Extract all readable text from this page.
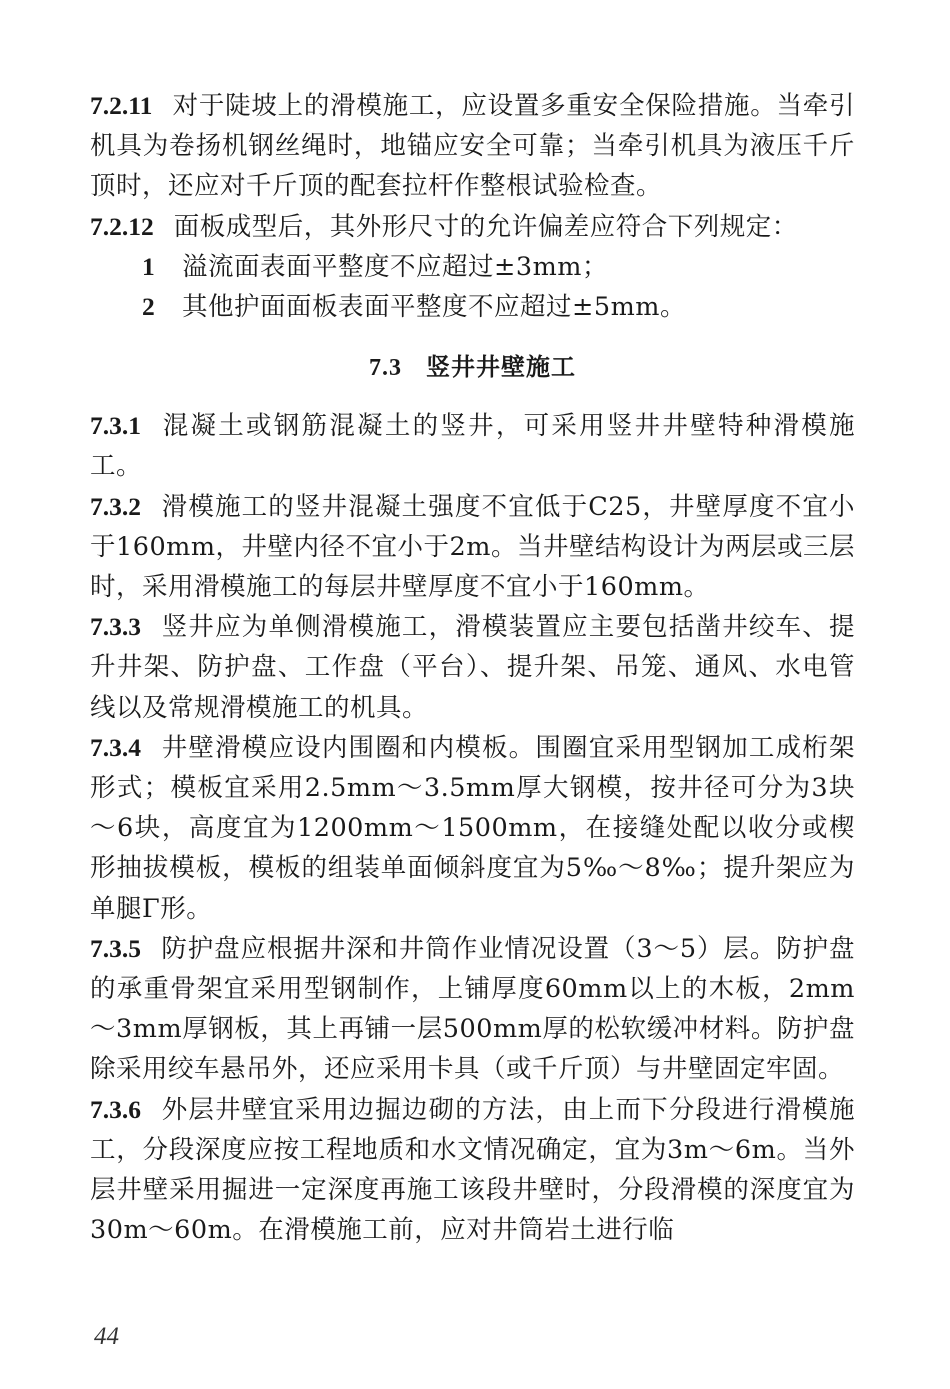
7.2.11 对于陡坡上的滑模施工，应设置多重安全保险措施。当牵引机具为卷扬机钢丝绳时，地锚应安全可靠；当牵引机具为液压千斤顶时，还应对千斤顶的配套拉杆作整根试验检查。

7.2.12 面板成型后，其外形尺寸的允许偏差应符合下列规定：

1 溢流面表面平整度不应超过±3mm；

2 其他护面面板表面平整度不应超过±5mm。

7.3 竖井井壁施工

7.3.1 混凝土或钢筋混凝土的竖井，可采用竖井井壁特种滑模施工。

7.3.2 滑模施工的竖井混凝土强度不宜低于C25，井壁厚度不宜小于160mm，井壁内径不宜小于2m。当井壁结构设计为两层或三层时，采用滑模施工的每层井壁厚度不宜小于160mm。

7.3.3 竖井应为单侧滑模施工，滑模装置应主要包括凿井绞车、提升井架、防护盘、工作盘（平台）、提升架、吊笼、通风、水电管线以及常规滑模施工的机具。

7.3.4 井壁滑模应设内围圈和内模板。围圈宜采用型钢加工成桁架形式；模板宜采用2.5mm～3.5mm厚大钢模，按井径可分为3块～6块，高度宜为1200mm～1500mm，在接缝处配以收分或楔形抽拔模板，模板的组装单面倾斜度宜为5‰～8‰；提升架应为单腿Γ形。

7.3.5 防护盘应根据井深和井筒作业情况设置（3～5）层。防护盘的承重骨架宜采用型钢制作，上铺厚度60mm以上的木板，2mm～3mm厚钢板，其上再铺一层500mm厚的松软缓冲材料。防护盘除采用绞车悬吊外，还应采用卡具（或千斤顶）与井壁固定牢固。

7.3.6 外层井壁宜采用边掘边砌的方法，由上而下分段进行滑模施工，分段深度应按工程地质和水文情况确定，宜为3m～6m。当外层井壁采用掘进一定深度再施工该段井壁时，分段滑模的深度宜为30m～60m。在滑模施工前，应对井筒岩土进行临

44
